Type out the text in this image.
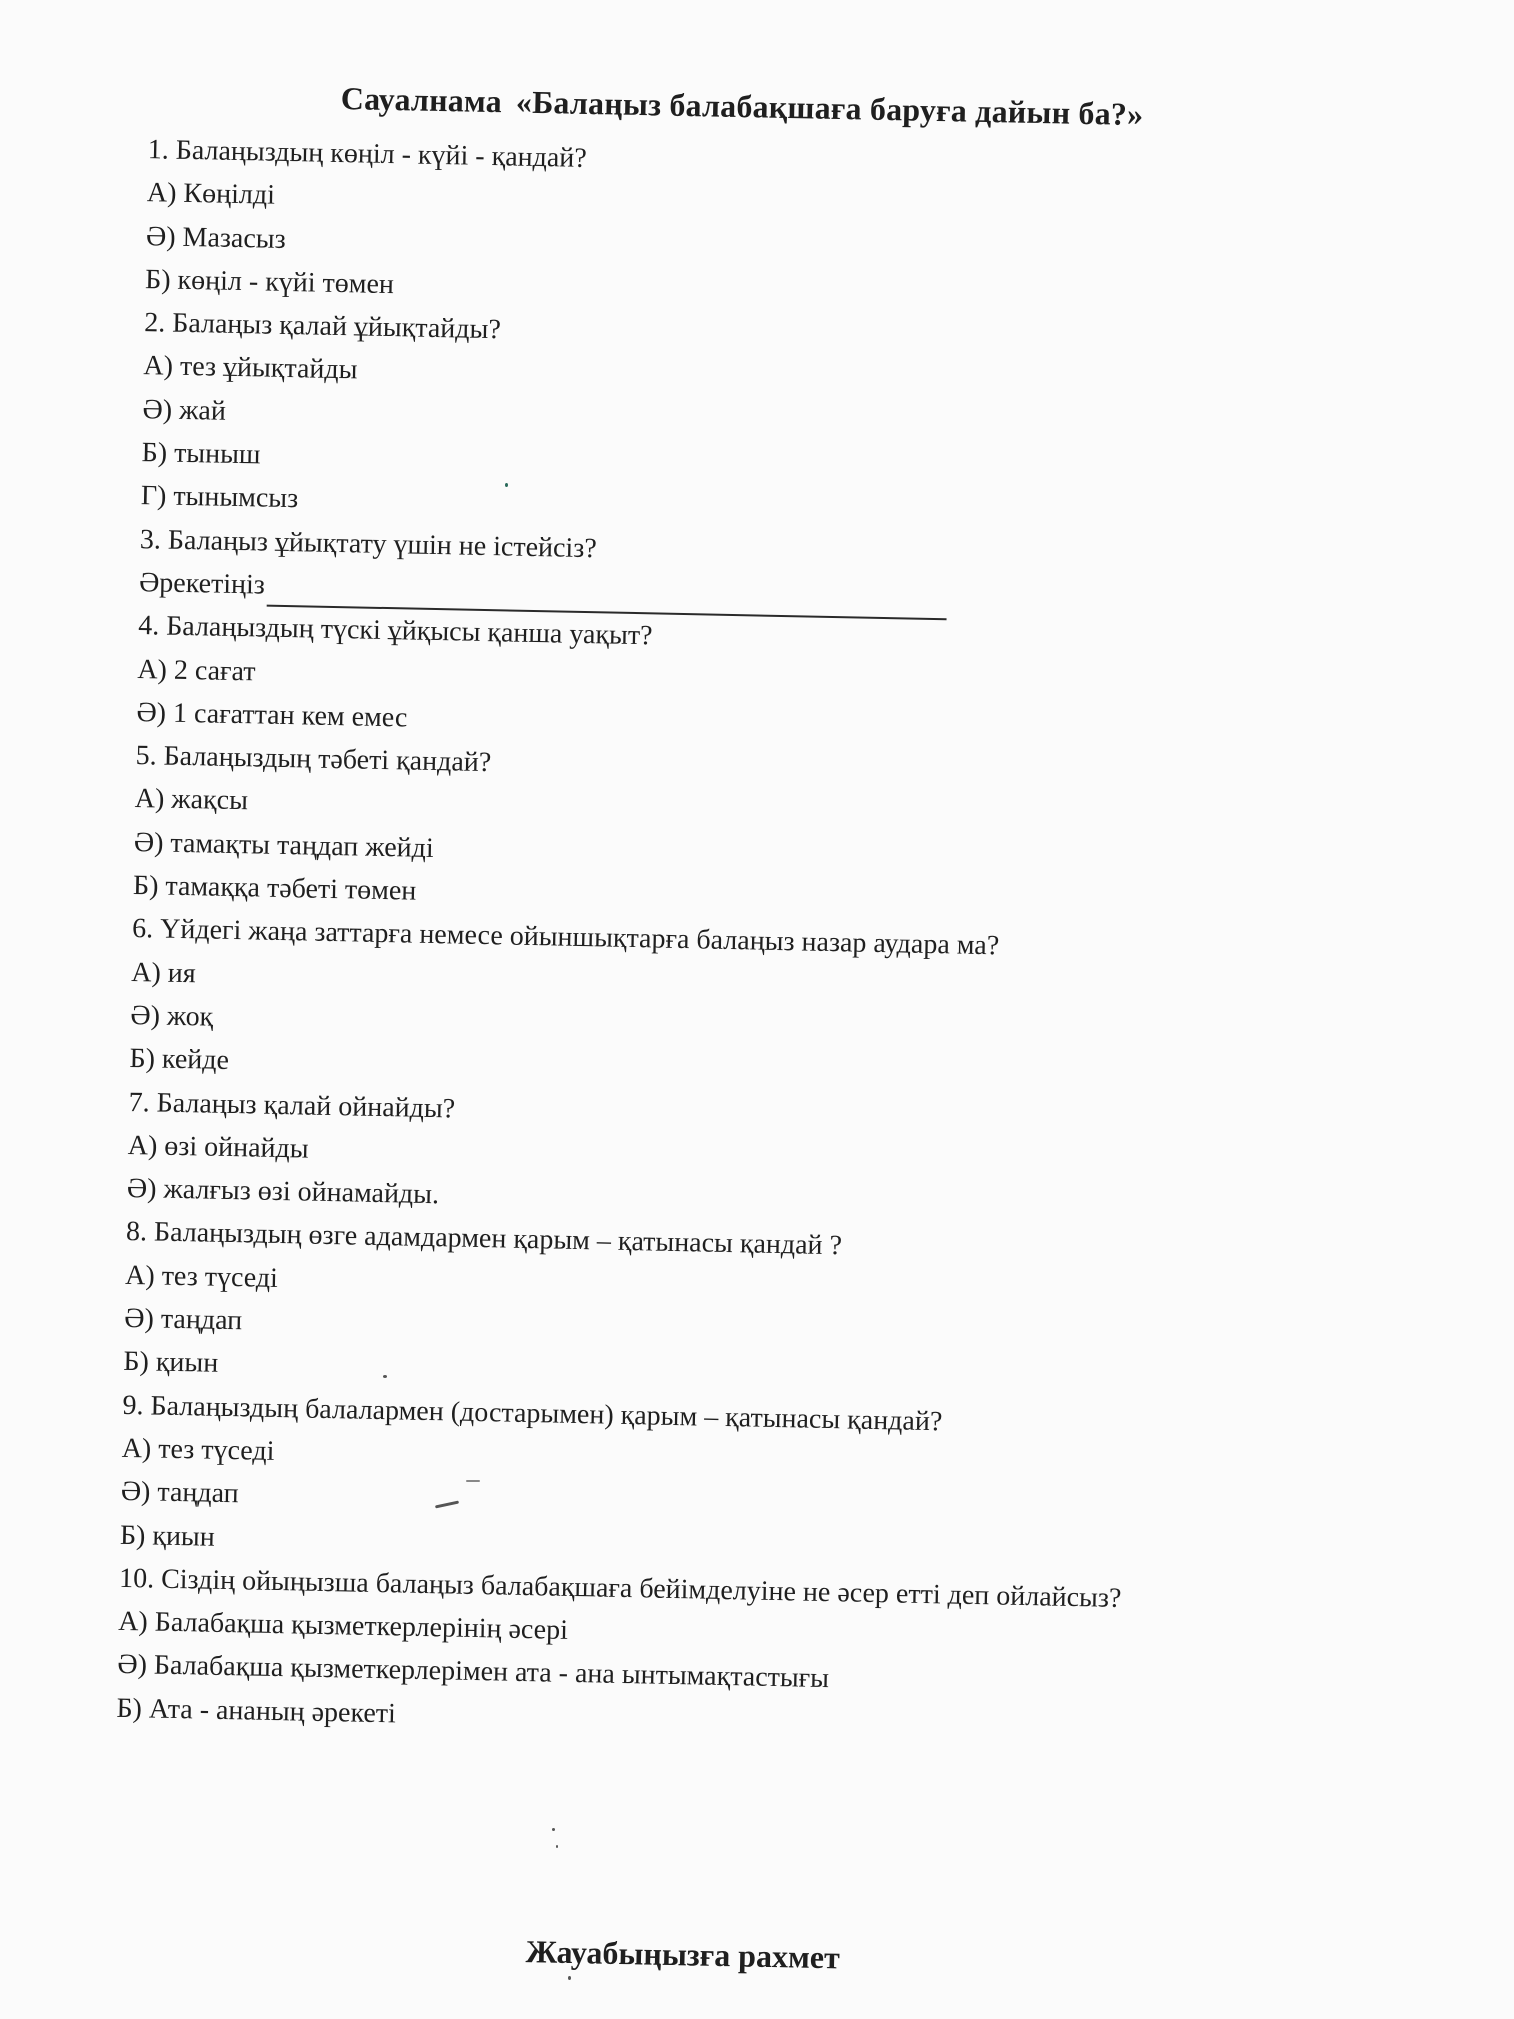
Сауалнама «Балаңыз балабақшаға баруға дайын ба?»
1. Балаңыздың көңіл - күйі - қандай?
А) Көңілді
Ә) Мазасыз
Б) көңіл - күйі төмен
2. Балаңыз қалай ұйықтайды?
А) тез ұйықтайды
Ә) жай
Б) тыныш
Г) тынымсыз
3. Балаңыз ұйықтату үшін не істейсіз?
Әрекетіңіз
4. Балаңыздың түскі ұйқысы қанша уақыт?
А) 2 сағат
Ә) 1 сағаттан кем емес
5. Балаңыздың тәбеті қандай?
А) жақсы
Ә) тамақты таңдап жейді
Б) тамаққа тәбеті төмен
6. Үйдегі жаңа заттарға немесе ойыншықтарға балаңыз назар аудара ма?
А) ия
Ә) жоқ
Б) кейде
7. Балаңыз қалай ойнайды?
А) өзі ойнайды
Ә) жалғыз өзі ойнамайды.
8. Балаңыздың өзге адамдармен қарым – қатынасы қандай ?
А) тез түседі
Ә) таңдап
Б) қиын
9. Балаңыздың балалармен (достарымен) қарым – қатынасы қандай?
А) тез түседі
Ә) таңдап
Б) қиын
10. Сіздің ойыңызша балаңыз балабақшаға бейімделуіне не әсер етті деп ойлайсыз?
А) Балабақша қызметкерлерінің әсері
Ә) Балабақша қызметкерлерімен ата - ана ынтымақтастығы
Б) Ата - ананың әрекеті
Жауабыңызға рахмет
